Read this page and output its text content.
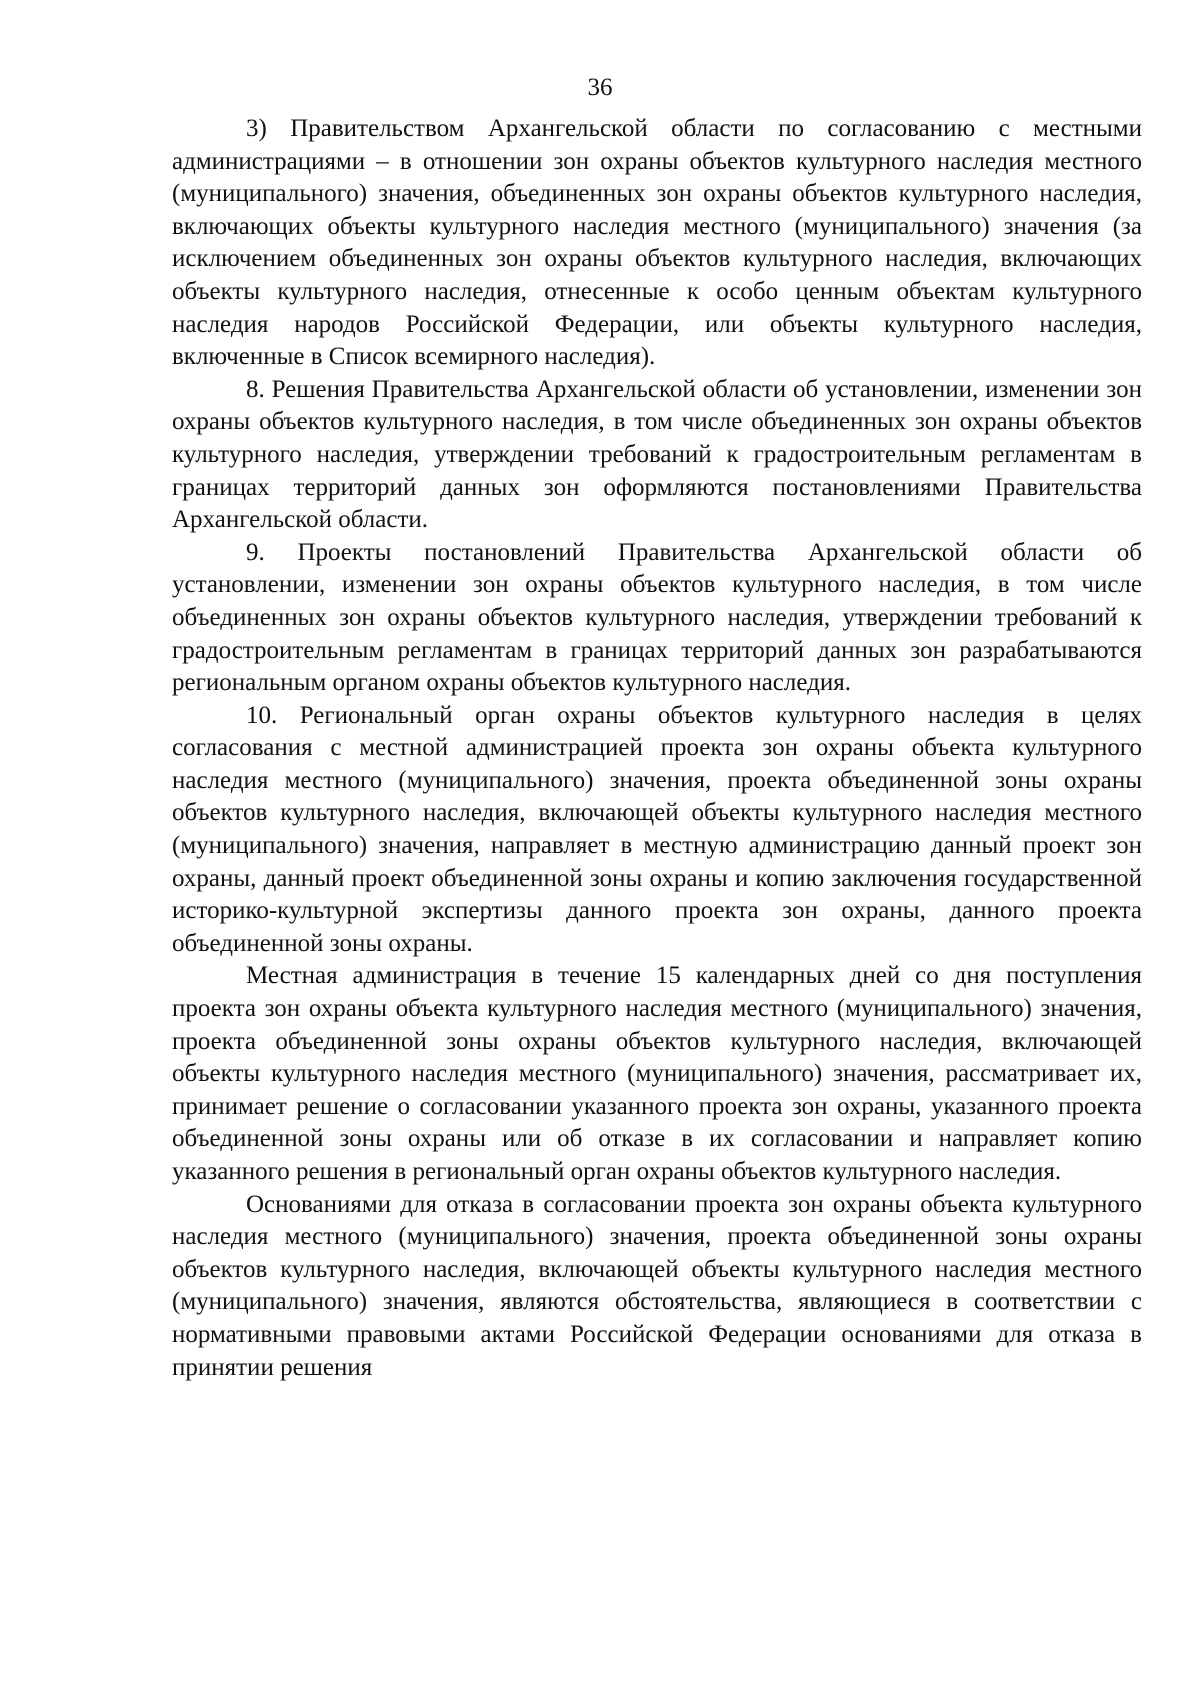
36

3) Правительством Архангельской области по согласованию с местными администрациями – в отношении зон охраны объектов культурного наследия местного (муниципального) значения, объединенных зон охраны объектов культурного наследия, включающих объекты культурного наследия местного (муниципального) значения (за исключением объединенных зон охраны объектов культурного наследия, включающих объекты культурного наследия, отнесенные к особо ценным объектам культурного наследия народов Российской Федерации, или объекты культурного наследия, включенные в Список всемирного наследия).

8. Решения Правительства Архангельской области об установлении, изменении зон охраны объектов культурного наследия, в том числе объединенных зон охраны объектов культурного наследия, утверждении требований к градостроительным регламентам в границах территорий данных зон оформляются постановлениями Правительства Архангельской области.

9. Проекты постановлений Правительства Архангельской области об установлении, изменении зон охраны объектов культурного наследия, в том числе объединенных зон охраны объектов культурного наследия, утверждении требований к градостроительным регламентам в границах территорий данных зон разрабатываются региональным органом охраны объектов культурного наследия.

10. Региональный орган охраны объектов культурного наследия в целях согласования с местной администрацией проекта зон охраны объекта культурного наследия местного (муниципального) значения, проекта объединенной зоны охраны объектов культурного наследия, включающей объекты культурного наследия местного (муниципального) значения, направляет в местную администрацию данный проект зон охраны, данный проект объединенной зоны охраны и копию заключения государственной историко-культурной экспертизы данного проекта зон охраны, данного проекта объединенной зоны охраны.

Местная администрация в течение 15 календарных дней со дня поступления проекта зон охраны объекта культурного наследия местного (муниципального) значения, проекта объединенной зоны охраны объектов культурного наследия, включающей объекты культурного наследия местного (муниципального) значения, рассматривает их, принимает решение о согласовании указанного проекта зон охраны, указанного проекта объединенной зоны охраны или об отказе в их согласовании и направляет копию указанного решения в региональный орган охраны объектов культурного наследия.

Основаниями для отказа в согласовании проекта зон охраны объекта культурного наследия местного (муниципального) значения, проекта объединенной зоны охраны объектов культурного наследия, включающей объекты культурного наследия местного (муниципального) значения, являются обстоятельства, являющиеся в соответствии с нормативными правовыми актами Российской Федерации основаниями для отказа в принятии решения
